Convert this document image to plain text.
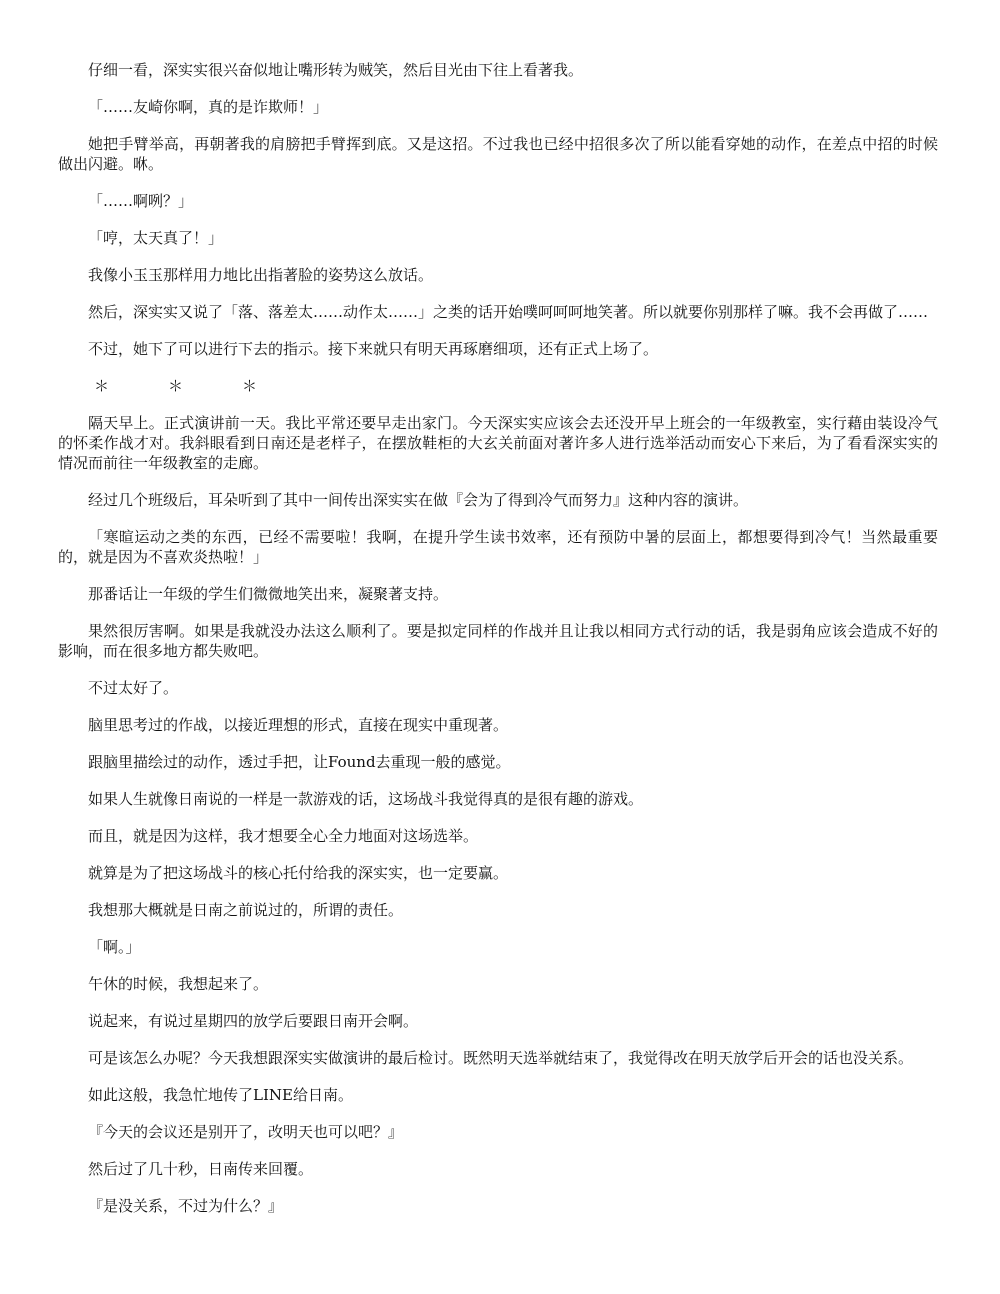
仔细一看，深实实很兴奋似地让嘴形转为贼笑，然后目光由下往上看著我。

「……友崎你啊，真的是诈欺师！」

她把手臂举高，再朝著我的肩膀把手臂挥到底。又是这招。不过我也已经中招很多次了所以能看穿她的动作，在差点中招的时候做出闪避。咻。

「……啊咧？」

「哼，太天真了！」

我像小玉玉那样用力地比出指著脸的姿势这么放话。

然后，深实实又说了「落、落差太……动作太……」之类的话开始噗呵呵呵地笑著。所以就要你别那样了嘛。我不会再做了……

不过，她下了可以进行下去的指示。接下来就只有明天再琢磨细项，还有正式上场了。

＊　＊　＊

隔天早上。正式演讲前一天。我比平常还要早走出家门。今天深实实应该会去还没开早上班会的一年级教室，实行藉由装设冷气的怀柔作战才对。我斜眼看到日南还是老样子，在摆放鞋柜的大玄关前面对著许多人进行选举活动而安心下来后，为了看看深实实的情况而前往一年级教室的走廊。

经过几个班级后，耳朵听到了其中一间传出深实实在做『会为了得到冷气而努力』这种内容的演讲。

「寒暄运动之类的东西，已经不需要啦！我啊，在提升学生读书效率，还有预防中暑的层面上，都想要得到冷气！当然最重要的，就是因为不喜欢炎热啦！」

那番话让一年级的学生们微微地笑出来，凝聚著支持。

果然很厉害啊。如果是我就没办法这么顺利了。要是拟定同样的作战并且让我以相同方式行动的话，我是弱角应该会造成不好的影响，而在很多地方都失败吧。

不过太好了。

脑里思考过的作战，以接近理想的形式，直接在现实中重现著。

跟脑里描绘过的动作，透过手把，让Found去重现一般的感觉。

如果人生就像日南说的一样是一款游戏的话，这场战斗我觉得真的是很有趣的游戏。

而且，就是因为这样，我才想要全心全力地面对这场选举。

就算是为了把这场战斗的核心托付给我的深实实，也一定要赢。

我想那大概就是日南之前说过的，所谓的责任。

「啊。」

午休的时候，我想起来了。

说起来，有说过星期四的放学后要跟日南开会啊。

可是该怎么办呢？今天我想跟深实实做演讲的最后检讨。既然明天选举就结束了，我觉得改在明天放学后开会的话也没关系。

如此这般，我急忙地传了LINE给日南。

『今天的会议还是别开了，改明天也可以吧？』

然后过了几十秒，日南传来回覆。

『是没关系，不过为什么？』
